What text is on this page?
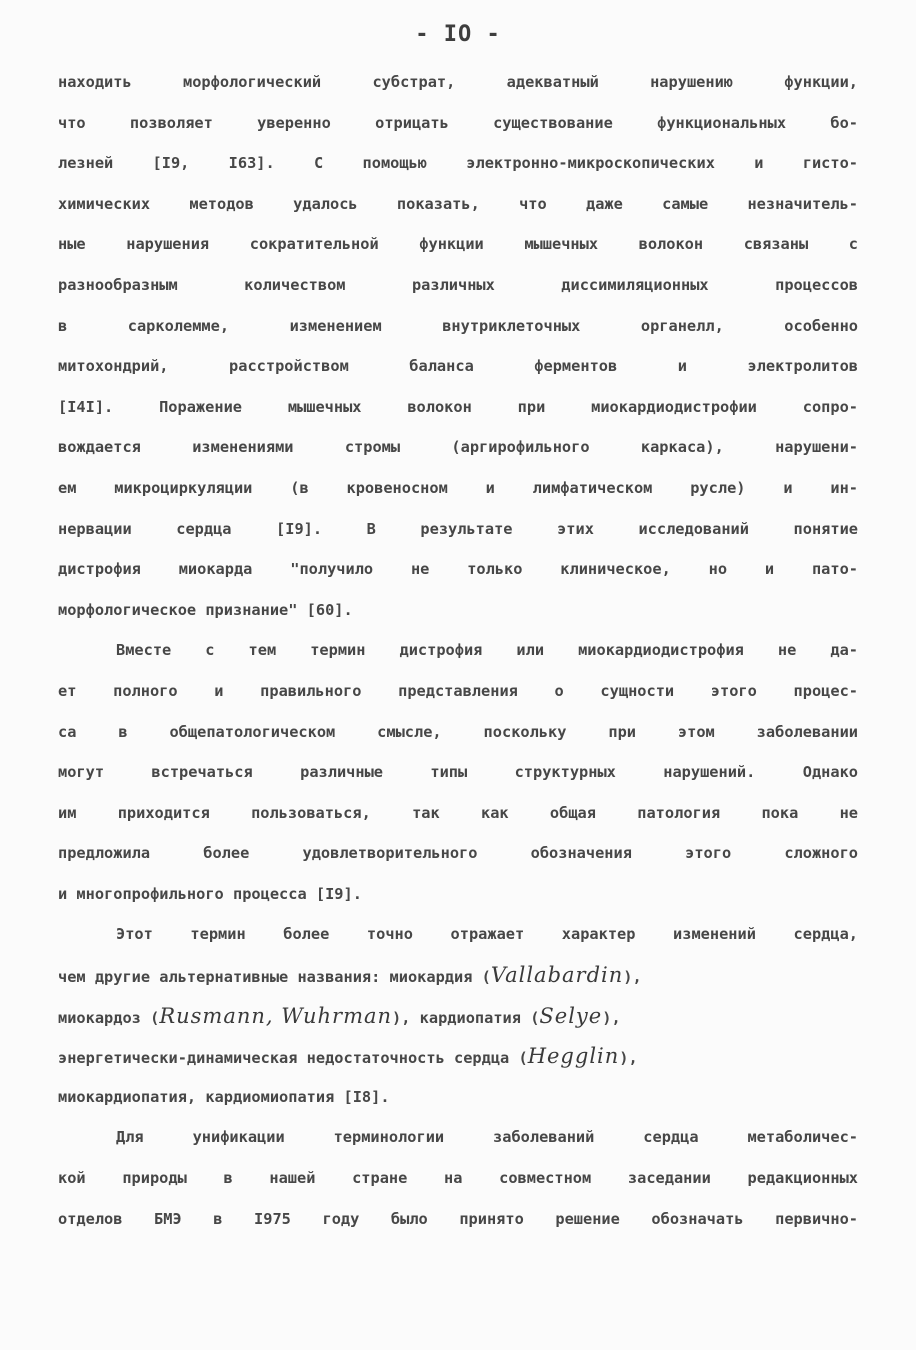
- IO -
находить морфологический субстрат, адекватный нарушению функции,
что позволяет уверенно отрицать существование функциональных бо-
лезней [I9, I63]. С помощью электронно-микроскопических и гисто-
химических методов удалось показать, что даже самые незначитель-
ные нарушения сократительной функции мышечных волокон связаны с
разнообразным количеством различных диссимиляционных процессов
в сарколемме, изменением внутриклеточных органелл, особенно
митохондрий, расстройством баланса ферментов и электролитов
[I4I]. Поражение мышечных волокон при миокардиодистрофии сопро-
вождается изменениями стромы (аргирофильного каркаса), нарушени-
ем микроциркуляции (в кровеносном и лимфатическом русле) и ин-
нервации сердца [I9]. В результате этих исследований понятие
дистрофия миокарда "получило не только клиническое, но и пато-
морфологическое признание" [60].
Вместе с тем термин дистрофия или миокардиодистрофия не да-
ет полного и правильного представления о сущности этого процес-
са в общепатологическом смысле, поскольку при этом заболевании
могут встречаться различные типы структурных нарушений. Однако
им приходится пользоваться, так как общая патология пока не
предложила более удовлетворительного обозначения этого сложного
и многопрофильного процесса [I9].
Этот термин более точно отражает характер изменений сердца,
чем другие альтернативные названия: миокардия (Vallabardin),
миокардоз (Rusmann, Wuhrman), кардиопатия (Selye),
энергетически-динамическая недостаточность сердца (Hegglin),
миокардиопатия, кардиомиопатия [I8].
Для унификации терминологии заболеваний сердца метаболичес-
кой природы в нашей стране на совместном заседании редакционных
отделов БМЭ в I975 году было принято решение обозначать первично-
